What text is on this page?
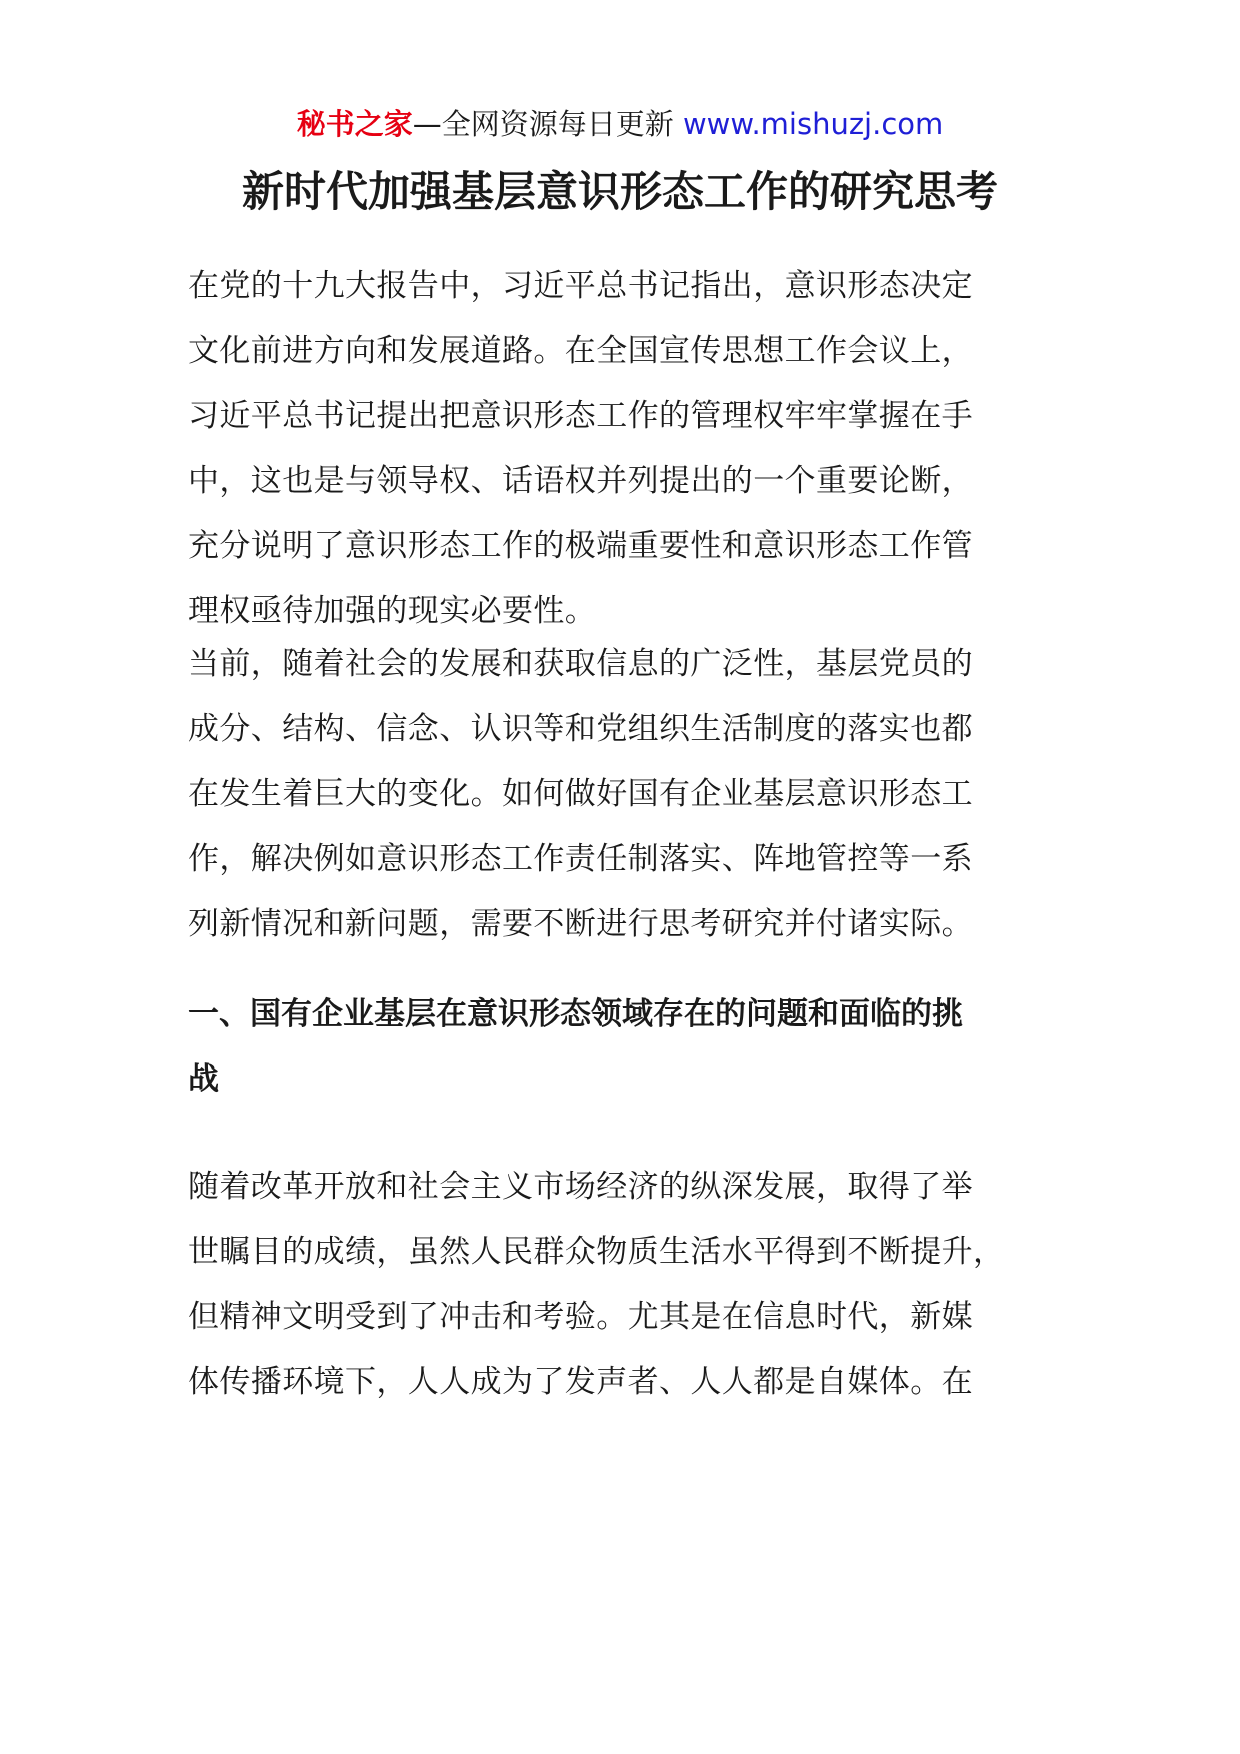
秘书之家—全网资源每日更新 www.mishuzj.com
新时代加强基层意识形态工作的研究思考

在党的十九大报告中，习近平总书记指出，意识形态决定
文化前进方向和发展道路。在全国宣传思想工作会议上，
习近平总书记提出把意识形态工作的管理权牢牢掌握在手
中，这也是与领导权、话语权并列提出的一个重要论断，
充分说明了意识形态工作的极端重要性和意识形态工作管
理权亟待加强的现实必要性。

当前，随着社会的发展和获取信息的广泛性，基层党员的
成分、结构、信念、认识等和党组织生活制度的落实也都
在发生着巨大的变化。如何做好国有企业基层意识形态工
作，解决例如意识形态工作责任制落实、阵地管控等一系
列新情况和新问题，需要不断进行思考研究并付诸实际。

一、国有企业基层在意识形态领域存在的问题和面临的挑
战

随着改革开放和社会主义市场经济的纵深发展，取得了举
世瞩目的成绩，虽然人民群众物质生活水平得到不断提升，
但精神文明受到了冲击和考验。尤其是在信息时代，新媒
体传播环境下，人人成为了发声者、人人都是自媒体。在
